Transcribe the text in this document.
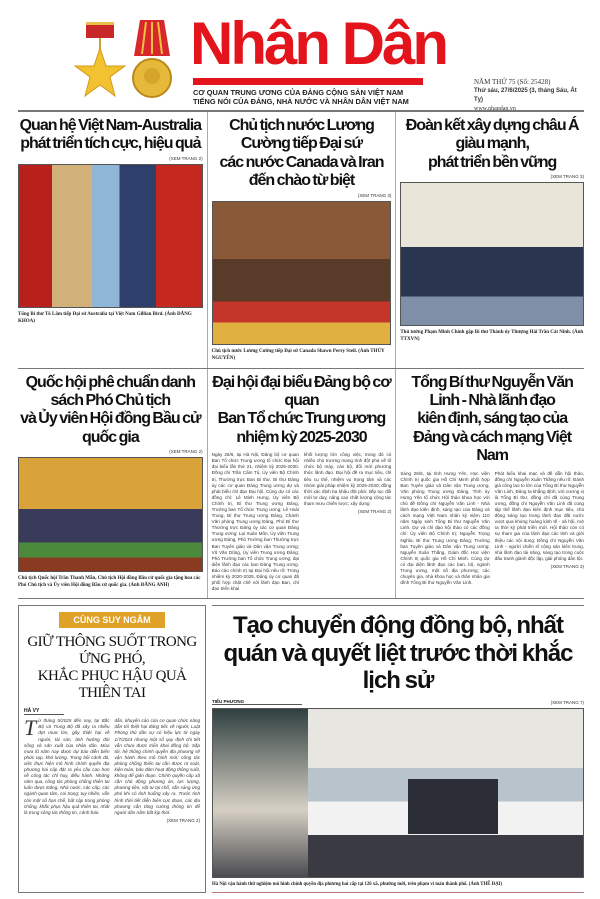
Nhân Dân
CƠ QUAN TRUNG ƯƠNG CỦA ĐẢNG CỘNG SẢN VIỆT NAM
TIẾNG NÓI CỦA ĐẢNG, NHÀ NƯỚC VÀ NHÂN DÂN VIỆT NAM
NĂM THỨ 75 (Số: 25428)
Thứ sáu, 27/6/2025 (3, tháng Sáu, Ất Tỵ)
www.nhandan.vn
Quan hệ Việt Nam-Australia
phát triển tích cực, hiệu quả
(XEM TRANG 2)
Tổng Bí thư Tô Lâm tiếp Đại sứ Australia tại Việt Nam Gillian Bird. (Ảnh ĐĂNG KHOA)
Chủ tịch nước Lương Cường tiếp Đại sứ
các nước Canada và Iran đến chào từ biệt
(XEM TRANG 3)
Chủ tịch nước Lương Cường tiếp Đại sứ Canada Shawn Perry Steil. (Ảnh THỦY NGUYÊN)
Đoàn kết xây dựng châu Á giàu mạnh,
phát triển bền vững
(XEM TRANG 3)
Thủ tướng Phạm Minh Chính gặp Bí thư Thành ủy Thượng Hải Trần Cát Ninh. (Ảnh TTXVN)
Quốc hội phê chuẩn danh sách Phó Chủ tịch
và Ủy viên Hội đồng Bầu cử quốc gia
(XEM TRANG 2)
Chủ tịch Quốc hội Trần Thanh Mẫn, Chủ tịch Hội đồng Bầu cử quốc gia tặng hoa các Phó Chủ tịch và Ủy viên Hội đồng Bầu cử quốc gia. (Ảnh ĐĂNG ANH)
Đại hội đại biểu Đảng bộ cơ quan
Ban Tổ chức Trung ương nhiệm kỳ 2025-2030
Ngày 26/6, tại Hà Nội, Đảng bộ cơ quan Ban Tổ chức Trung ương tổ chức Đại hội đại biểu lần thứ 21, nhiệm kỳ 2025-2030. Đồng chí Trần Cẩm Tú, Ủy viên Bộ Chính trị, Thường trực Ban Bí thư, Bí thư Đảng ủy các cơ quan Đảng Trung ương dự và phát biểu chỉ đạo Đại hội. Cùng dự có các đồng chí: Lê Minh Hưng, Ủy viên Bộ Chính trị, Bí thư Trung ương Đảng, Trưởng ban Tổ chức Trung ương; Lê Hoài Trung, Bí thư Trung ương Đảng, Chánh Văn phòng Trung ương Đảng, Phó Bí thư Thường trực Đảng ủy các cơ quan Đảng Trung ương; Lại Xuân Môn, Ủy viên Trung ương Đảng, Phó Trưởng ban Thường trực Ban Tuyên giáo và Dân vận Trung ương; Vũ Văn Dũng, Ủy viên Trung ương Đảng; Phó Trưởng ban Tổ chức Trung ương; đại diện lãnh đạo các ban Đảng Trung ương. Báo cáo chính trị tại Đại hội nêu rõ: Trong nhiệm kỳ 2020-2025, Đảng ủy cơ quan đã phối hợp chặt chẽ với lãnh đạo Ban, chỉ đạo triển khai
khối lượng lớn công việc, trong đó có nhiều chủ trương mang tính đột phá về tổ chức bộ máy, cán bộ, đổi mới phương thức lãnh đạo. Đại hội đề ra mục tiêu, chỉ tiêu cụ thể, nhiệm vụ trọng tâm và các nhóm giải pháp nhiệm kỳ 2025-2030; đồng thời xác định ba khâu đột phá: tiếp tục đổi mới tư duy, nâng cao chất lượng công tác tham mưu chiến lược; xây dựng
(XEM TRANG 2)
Tổng Bí thư Nguyễn Văn Linh - Nhà lãnh đạo
kiên định, sáng tạo của Đảng và cách mạng Việt Nam
Sáng 26/6, tại tỉnh Hưng Yên, Học viện Chính trị quốc gia Hồ Chí Minh phối hợp Ban Tuyên giáo và Dân vận Trung ương, Văn phòng Trung ương Đảng, Tỉnh ủy Hưng Yên tổ chức Hội thảo khoa học với chủ đề Đồng chí Nguyễn Văn Linh - Nhà lãnh đạo kiên định, sáng tạo của Đảng và cách mạng Việt Nam nhân kỷ niệm 110 năm Ngày sinh Tổng Bí thư Nguyễn Văn Linh. Dự và chỉ đạo hội thảo có các đồng chí: Ủy viên Bộ Chính trị; Nguyễn Trọng Nghĩa, Bí thư Trung ương Đảng; Trưởng ban Tuyên giáo và Dân vận Trung ương; Nguyễn Xuân Thắng, Giám đốc Học viện Chính trị quốc gia Hồ Chí Minh. Cùng dự có đại diện lãnh đạo các ban, bộ, ngành Trung ương, một số địa phương; các chuyên gia, nhà khoa học và thân nhân gia đình Tổng Bí thư Nguyễn Văn Linh.
Phát biểu khai mạc và đề dẫn hội thảo, đồng chí Nguyễn Xuân Thắng nêu rõ: Đánh giá công lao to lớn của Tổng Bí thư Nguyễn Văn Linh, Đảng ta khẳng định, với cương vị là Tổng Bí thư, đồng chí đã cùng Trung ương, đồng chí Nguyễn Văn Linh đã cùng tập thể lãnh đạo kiên định mục tiêu, chủ động sáng tạo trong lãnh đạo đất nước vượt qua khủng hoảng kinh tế - xã hội, mở ra thời kỳ phát triển mới. Hội thảo còn có sự tham gia của lãnh đạo các tỉnh và giới thiệu các nội dung: Đồng chí Nguyễn Văn Linh - người chiến sĩ cộng sản kiên trung, nhà lãnh đạo tài năng, sáng tạo trong cuộc đấu tranh giành độc lập, giải phóng dân tộc
(XEM TRANG 3)
CÙNG SUY NGẪM
GIỮ THÔNG SUỐT TRONG ỨNG PHÓ,
KHẮC PHỤC HẬU QUẢ THIÊN TAI
HÀ VY
Từ tháng 5/2025 đến nay, tại Bắc Bộ và Trung Bộ đã xảy ra nhiều đợt mưa lớn, gây thiệt hại về người, tài sản, ảnh hưởng đời sống và sản xuất của nhân dân. Mùa mưa lũ năm nay được dự báo diễn biến phức tạp, khó lường. Trong bối cảnh đó, việc thực hiện mô hình chính quyền địa phương hai cấp đặt ra yêu cầu cao hơn về công tác chỉ huy, điều hành. Những năm qua, công tác phòng chống thiên tai luôn được Đảng, Nhà nước, các cấp, các ngành quan tâm, coi trọng; tuy nhiên, vẫn còn một số hạn chế, bất cập trong phòng chống, khắc phục hậu quả thiên tai, nhất là trong công tác thông tin, cảnh báo.
dẫn, khuyến cáo của cơ quan chức năng dẫn tới thiệt hại đáng tiếc về người; Luật Phòng thủ dân sự có hiệu lực từ ngày 1/7/2024 nhưng một số quy định chi tiết vẫn chưa được triển khai đồng bộ. Sắp tới, hệ thống chính quyền địa phương sẽ vận hành theo mô hình mới; công tác phòng chống thiên tai cần được rà soát, kiện toàn, bảo đảm hoạt động thông suốt, không để gián đoạn. Chính quyền cấp xã cần chủ động phương án, lực lượng, phương tiện, vật tư tại chỗ, sẵn sàng ứng phó khi có tình huống xảy ra. Trước tình hình thời tiết diễn biến cực đoan, các địa phương cần tăng cường thông tin để người dân nắm bắt kịp thời.
(XEM TRANG 2)
Tạo chuyển động đồng bộ, nhất quán và quyết liệt trước thời khắc lịch sử
TIỂU PHƯƠNG	(XEM TRANG 7)
Hà Nội vận hành thử nghiệm mô hình chính quyền địa phương hai cấp tại 126 xã, phường mới, trên phạm vi toàn thành phố. (Ảnh THẾ ĐẠI)
